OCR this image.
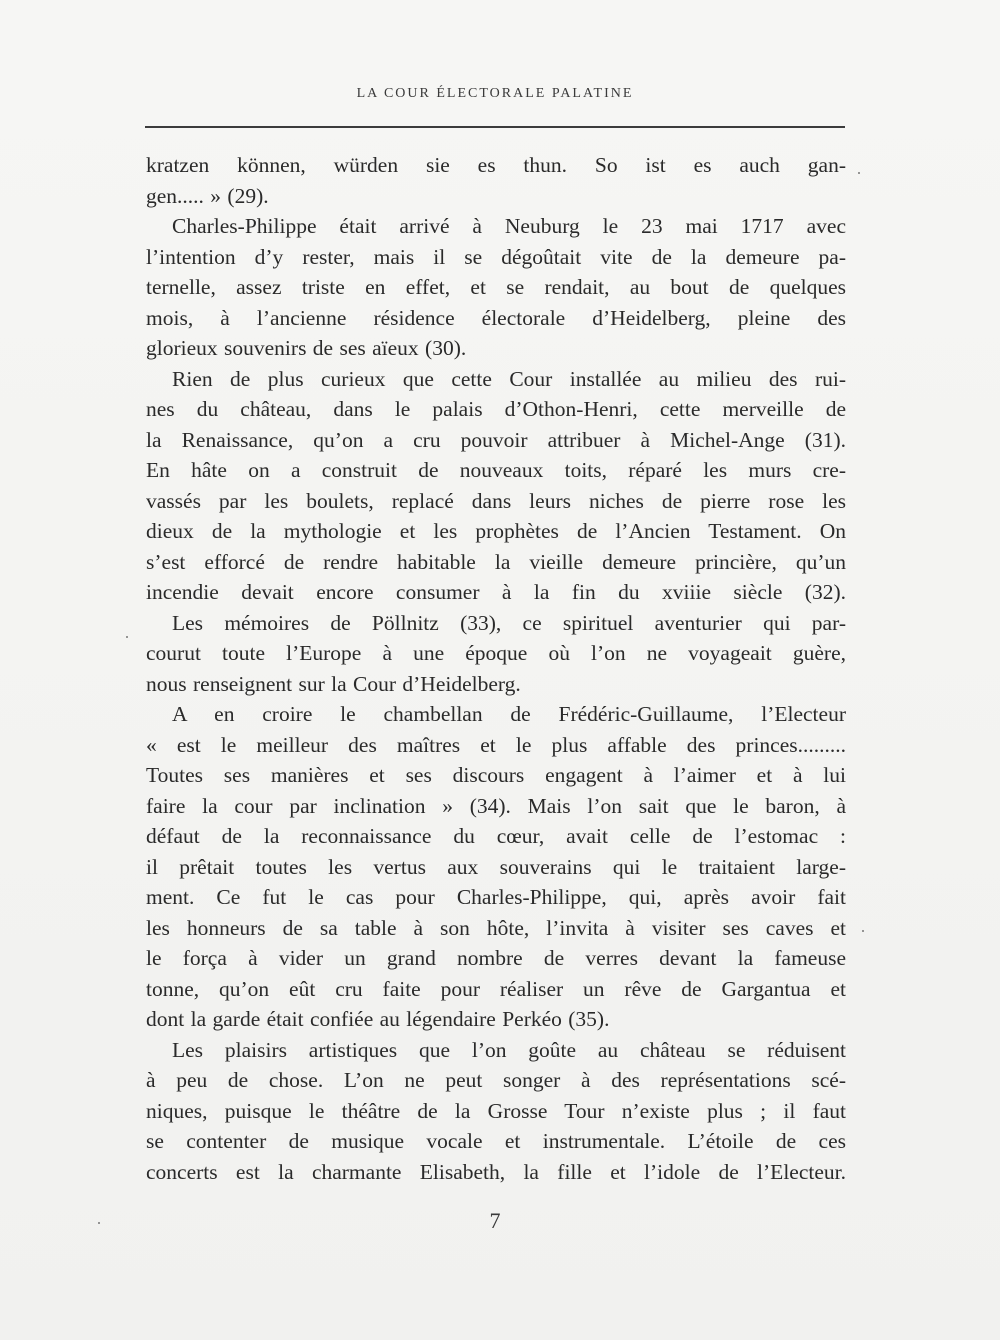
LA COUR ÉLECTORALE PALATINE
kratzen können, würden sie es thun. So ist es auch gan-
gen..... » (29).
Charles-Philippe était arrivé à Neuburg le 23 mai 1717 avec
l’intention d’y rester, mais il se dégoûtait vite de la demeure pa-
ternelle, assez triste en effet, et se rendait, au bout de quelques
mois, à l’ancienne résidence électorale d’Heidelberg, pleine des
glorieux souvenirs de ses aïeux (30).
Rien de plus curieux que cette Cour installée au milieu des rui-
nes du château, dans le palais d’Othon-Henri, cette merveille de
la Renaissance, qu’on a cru pouvoir attribuer à Michel-Ange (31).
En hâte on a construit de nouveaux toits, réparé les murs cre-
vassés par les boulets, replacé dans leurs niches de pierre rose les
dieux de la mythologie et les prophètes de l’Ancien Testament. On
s’est efforcé de rendre habitable la vieille demeure princière, qu’un
incendie devait encore consumer à la fin du xviiie siècle (32).
Les mémoires de Pöllnitz (33), ce spirituel aventurier qui par-
courut toute l’Europe à une époque où l’on ne voyageait guère,
nous renseignent sur la Cour d’Heidelberg.
A en croire le chambellan de Frédéric-Guillaume, l’Electeur
« est le meilleur des maîtres et le plus affable des princes.........
Toutes ses manières et ses discours engagent à l’aimer et à lui
faire la cour par inclination » (34). Mais l’on sait que le baron, à
défaut de la reconnaissance du cœur, avait celle de l’estomac :
il prêtait toutes les vertus aux souverains qui le traitaient large-
ment. Ce fut le cas pour Charles-Philippe, qui, après avoir fait
les honneurs de sa table à son hôte, l’invita à visiter ses caves et
le força à vider un grand nombre de verres devant la fameuse
tonne, qu’on eût cru faite pour réaliser un rêve de Gargantua et
dont la garde était confiée au légendaire Perkéo (35).
Les plaisirs artistiques que l’on goûte au château se réduisent
à peu de chose. L’on ne peut songer à des représentations scé-
niques, puisque le théâtre de la Grosse Tour n’existe plus ; il faut
se contenter de musique vocale et instrumentale. L’étoile de ces
concerts est la charmante Elisabeth, la fille et l’idole de l’Electeur.
7
